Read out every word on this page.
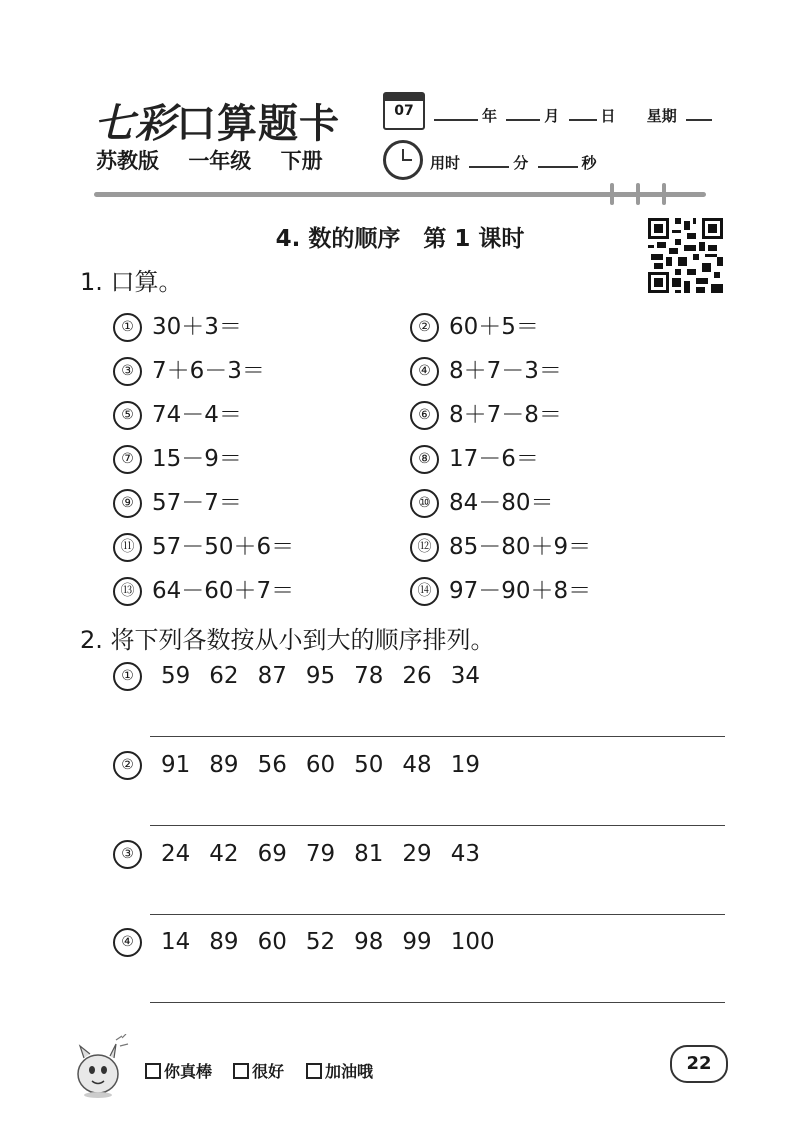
七彩口算题卡
苏教版 一年级 下册
07	年	月	日 星期
用时	分	秒
4. 数的顺序　第 1 课时
1. 口算。
① 30＋3＝	② 60＋5＝
③ 7＋6－3＝	④ 8＋7－3＝
⑤ 74－4＝	⑥ 8＋7－8＝
⑦ 15－9＝	⑧ 17－6＝
⑨ 57－7＝	⑩ 84－80＝
⑪ 57－50＋6＝	⑫ 85－80＋9＝
⑬ 64－60＋7＝	⑭ 97－90＋8＝
2. 将下列各数按从小到大的顺序排列。
① 59 62 87 95 78 26 34
② 91 89 56 60 50 48 19
③ 24 42 69 79 81 29 43
④ 14 89 60 52 98 99 100
你真棒	很好	加油哦	22
